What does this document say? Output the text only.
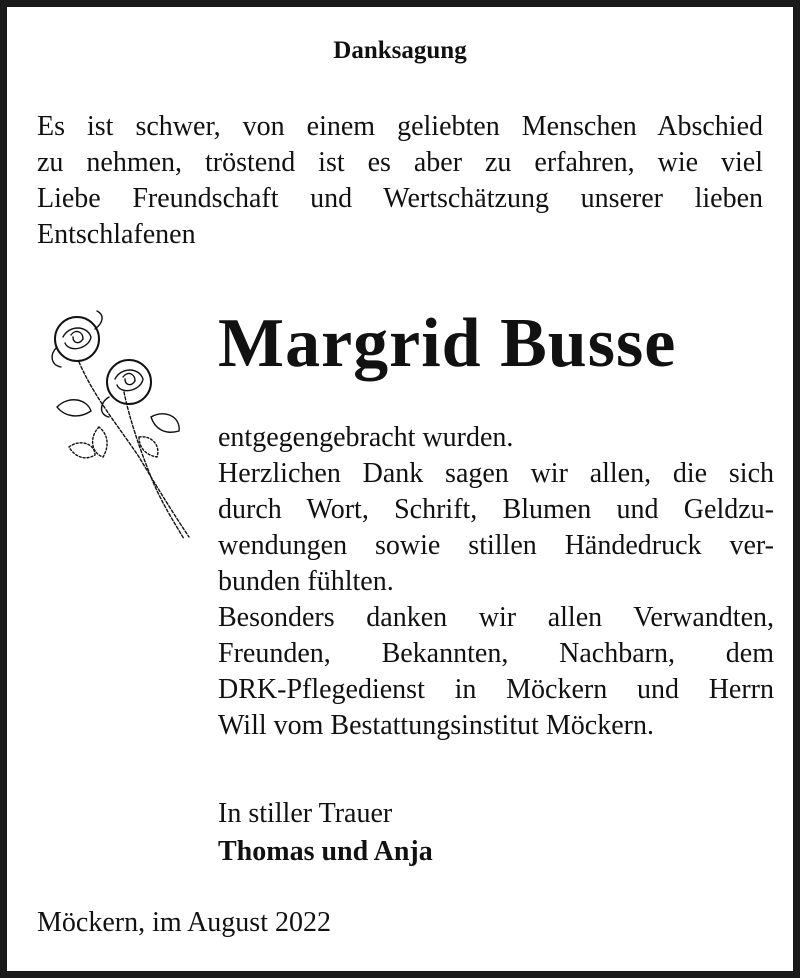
Danksagung
Es ist schwer, von einem geliebten Menschen Abschied
zu nehmen, tröstend ist es aber zu erfahren, wie viel
Liebe Freundschaft und Wertschätzung unserer lieben
Entschlafenen
Margrid Busse
entgegengebracht wurden.
Herzlichen Dank sagen wir allen, die sich
durch Wort, Schrift, Blumen und Geldzu-
wendungen sowie stillen Händedruck ver-
bunden fühlten.
Besonders danken wir allen Verwandten,
Freunden, Bekannten, Nachbarn, dem
DRK-Pflegedienst in Möckern und Herrn
Will vom Bestattungsinstitut Möckern.
In stiller Trauer
Thomas und Anja
Möckern, im August 2022
